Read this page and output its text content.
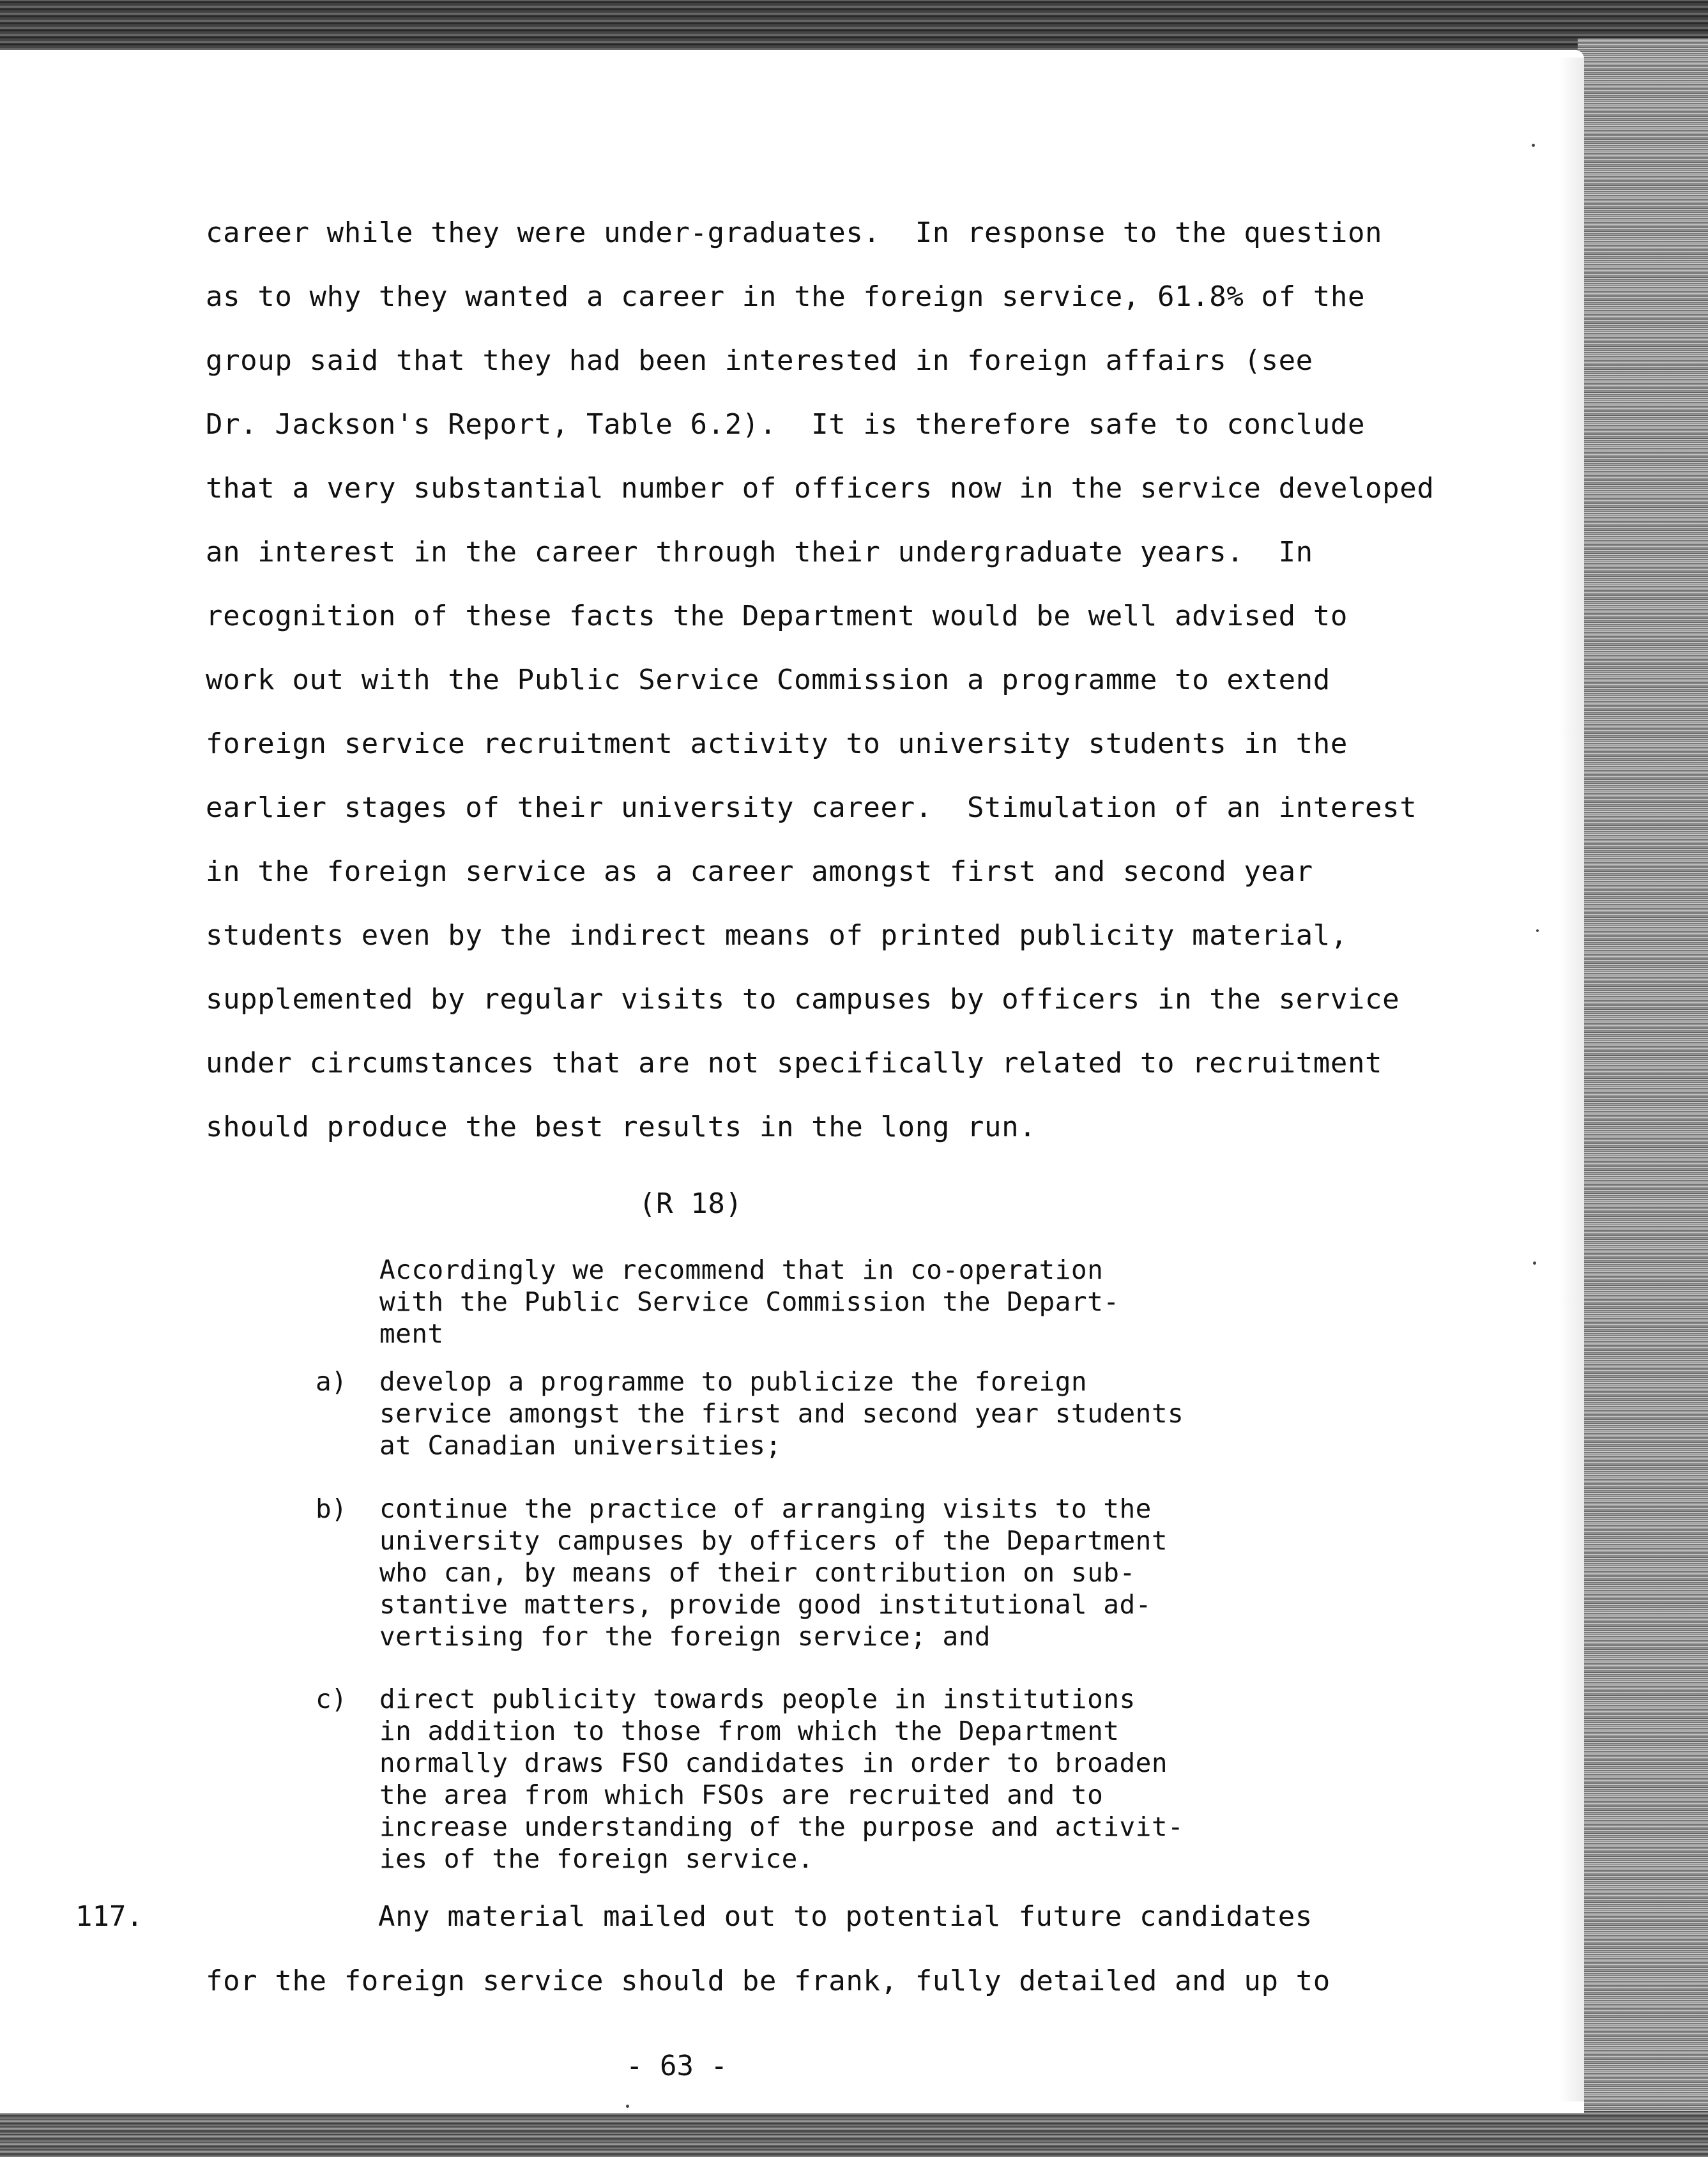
career while they were under-graduates.  In response to the question
as to why they wanted a career in the foreign service, 61.8% of the
group said that they had been interested in foreign affairs (see
Dr. Jackson's Report, Table 6.2).  It is therefore safe to conclude
that a very substantial number of officers now in the service developed
an interest in the career through their undergraduate years.  In
recognition of these facts the Department would be well advised to
work out with the Public Service Commission a programme to extend
foreign service recruitment activity to university students in the
earlier stages of their university career.  Stimulation of an interest
in the foreign service as a career amongst first and second year
students even by the indirect means of printed publicity material,
supplemented by regular visits to campuses by officers in the service
under circumstances that are not specifically related to recruitment
should produce the best results in the long run.
(R 18)
Accordingly we recommend that in co-operation
with the Public Service Commission the Depart-
ment
a) develop a programme to publicize the foreign
service amongst the first and second year students
at Canadian universities;
b) continue the practice of arranging visits to the
university campuses by officers of the Department
who can, by means of their contribution on sub-
stantive matters, provide good institutional ad-
vertising for the foreign service; and
c) direct publicity towards people in institutions
in addition to those from which the Department
normally draws FSO candidates in order to broaden
the area from which FSOs are recruited and to
increase understanding of the purpose and activit-
ies of the foreign service.
117.	Any material mailed out to potential future candidates
for the foreign service should be frank, fully detailed and up to
- 63 -
